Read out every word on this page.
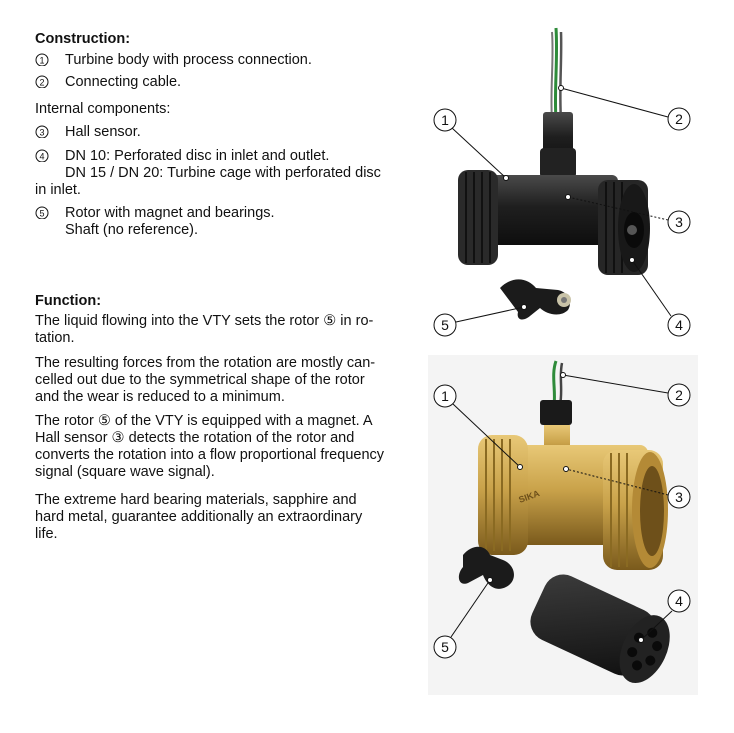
Construction:
1 Turbine body with process connection.
2 Connecting cable.
Internal components:
3 Hall sensor.
4 DN 10: Perforated disc in inlet and outlet.
DN 15 / DN 20: Turbine cage with perforated disc
in inlet.
5 Rotor with magnet and bearings.
Shaft (no reference).
Function:
The liquid flowing into the VTY sets the rotor ⑤ in ro-
tation.
The resulting forces from the rotation are mostly can-
celled out due to the symmetrical shape of the rotor
and the wear is reduced to a minimum.
The rotor ⑤ of the VTY is equipped with a magnet. A
Hall sensor ③ detects the rotation of the rotor and
converts the rotation into a flow proportional frequency
signal (square wave signal).
The extreme hard bearing materials, sapphire and
hard metal, guarantee additionally an extraordinary
life.
1	2
3
4
5
SIKA
1	2
3
4
5
